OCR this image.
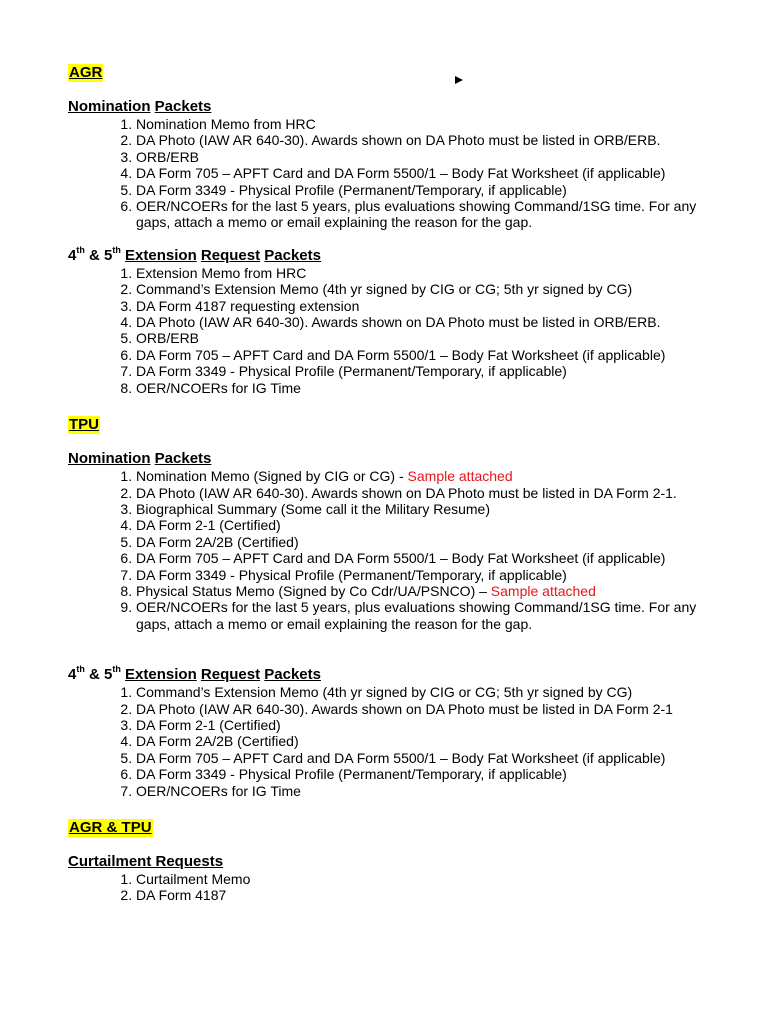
AGR
Nomination Packets
1. Nomination Memo from HRC
2. DA Photo (IAW AR 640-30). Awards shown on DA Photo must be listed in ORB/ERB.
3. ORB/ERB
4. DA Form 705 – APFT Card and DA Form 5500/1 – Body Fat Worksheet (if applicable)
5. DA Form 3349 - Physical Profile (Permanent/Temporary, if applicable)
6. OER/NCOERs for the last 5 years, plus evaluations showing Command/1SG time. For any gaps, attach a memo or email explaining the reason for the gap.
4th & 5th Extension Request Packets
1. Extension Memo from HRC
2. Command’s Extension Memo (4th yr signed by CIG or CG; 5th yr signed by CG)
3. DA Form 4187 requesting extension
4. DA Photo (IAW AR 640-30). Awards shown on DA Photo must be listed in ORB/ERB.
5. ORB/ERB
6. DA Form 705 – APFT Card and DA Form 5500/1 – Body Fat Worksheet (if applicable)
7. DA Form 3349 - Physical Profile (Permanent/Temporary, if applicable)
8. OER/NCOERs for IG Time
TPU
Nomination Packets
1. Nomination Memo (Signed by CIG or CG) - Sample attached
2. DA Photo (IAW AR 640-30). Awards shown on DA Photo must be listed in DA Form 2-1.
3. Biographical Summary (Some call it the Military Resume)
4. DA Form 2-1 (Certified)
5. DA Form 2A/2B (Certified)
6. DA Form 705 – APFT Card and DA Form 5500/1 – Body Fat Worksheet (if applicable)
7. DA Form 3349 - Physical Profile (Permanent/Temporary, if applicable)
8. Physical Status Memo (Signed by Co Cdr/UA/PSNCO) – Sample attached
9. OER/NCOERs for the last 5 years, plus evaluations showing Command/1SG time. For any gaps, attach a memo or email explaining the reason for the gap.
4th & 5th Extension Request Packets
1. Command’s Extension Memo (4th yr signed by CIG or CG; 5th yr signed by CG)
2. DA Photo (IAW AR 640-30). Awards shown on DA Photo must be listed in DA Form 2-1
3. DA Form 2-1 (Certified)
4. DA Form 2A/2B (Certified)
5. DA Form 705 – APFT Card and DA Form 5500/1 – Body Fat Worksheet (if applicable)
6. DA Form 3349 - Physical Profile (Permanent/Temporary, if applicable)
7. OER/NCOERs for IG Time
AGR & TPU
Curtailment Requests
1. Curtailment Memo
2. DA Form 4187
